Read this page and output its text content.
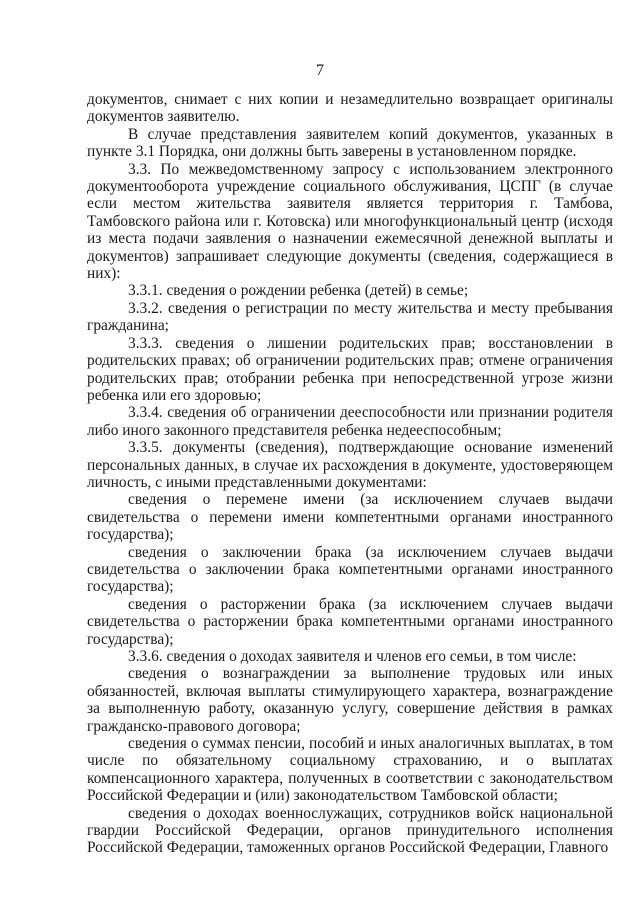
7

документов, снимает с них копии и незамедлительно возвращает оригиналы документов заявителю.

В случае представления заявителем копий документов, указанных в пункте 3.1 Порядка, они должны быть заверены в установленном порядке.

3.3. По межведомственному запросу с использованием электронного документооборота учреждение социального обслуживания, ЦСПГ (в случае если местом жительства заявителя является территория г. Тамбова, Тамбовского района или г. Котовска) или многофункциональный центр (исходя из места подачи заявления о назначении ежемесячной денежной выплаты и документов) запрашивает следующие документы (сведения, содержащиеся в них):

3.3.1. сведения о рождении ребенка (детей) в семье;

3.3.2. сведения о регистрации по месту жительства и месту пребывания гражданина;

3.3.3. сведения о лишении родительских прав; восстановлении в родительских правах; об ограничении родительских прав; отмене ограничения родительских прав; отобрании ребенка при непосредственной угрозе жизни ребенка или его здоровью;

3.3.4. сведения об ограничении дееспособности или признании родителя либо иного законного представителя ребенка недееспособным;

3.3.5. документы (сведения), подтверждающие основание изменений персональных данных, в случае их расхождения в документе, удостоверяющем личность, с иными представленными документами:

сведения о перемене имени (за исключением случаев выдачи свидетельства о перемени имени компетентными органами иностранного государства);

сведения о заключении брака (за исключением случаев выдачи свидетельства о заключении брака компетентными органами иностранного государства);

сведения о расторжении брака (за исключением случаев выдачи свидетельства о расторжении брака компетентными органами иностранного государства);

3.3.6. сведения о доходах заявителя и членов его семьи, в том числе:

сведения о вознаграждении за выполнение трудовых или иных обязанностей, включая выплаты стимулирующего характера, вознаграждение за выполненную работу, оказанную услугу, совершение действия в рамках гражданско-правового договора;

сведения о суммах пенсии, пособий и иных аналогичных выплатах, в том числе по обязательному социальному страхованию, и о выплатах компенсационного характера, полученных в соответствии с законодательством Российской Федерации и (или) законодательством Тамбовской области;

сведения о доходах военнослужащих, сотрудников войск национальной гвардии Российской Федерации, органов принудительного исполнения Российской Федерации, таможенных органов Российской Федерации, Главного
